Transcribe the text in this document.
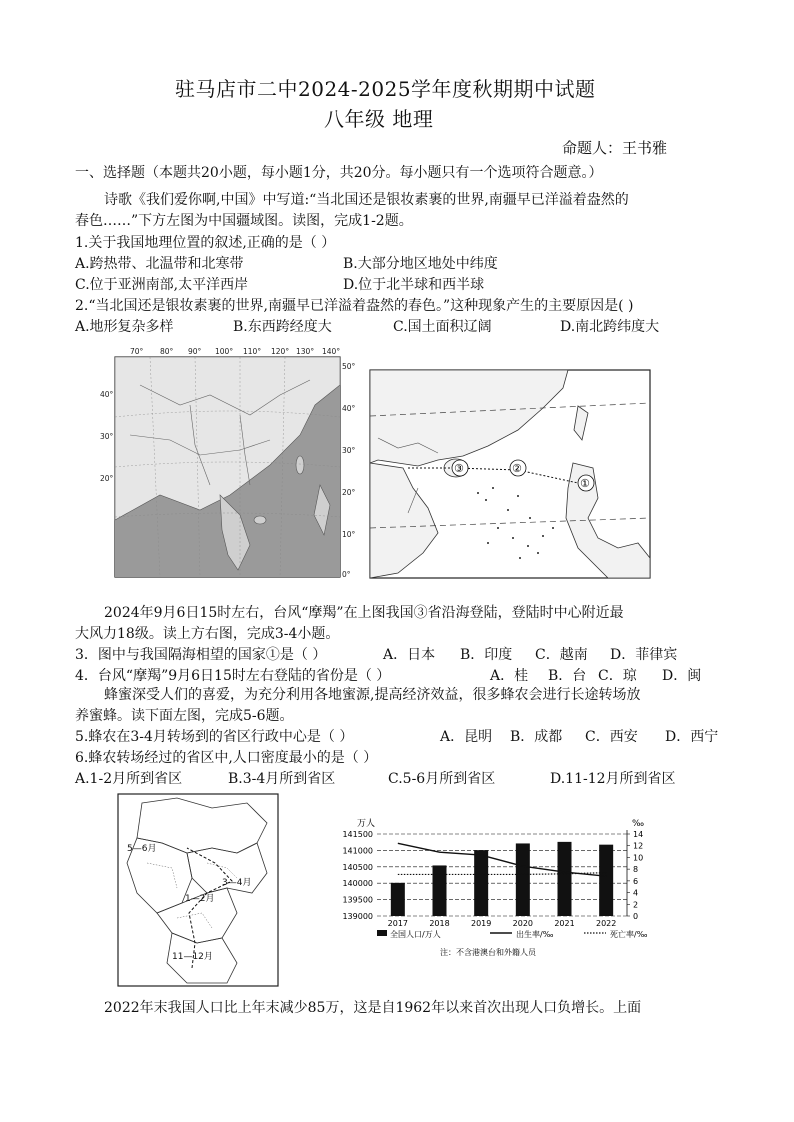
驻马店市二中2024-2025学年度秋期期中试题
八年级 地理
命题人：王书雅
一、选择题（本题共20小题，每小题1分，共20分。每小题只有一个选项符合题意。）
诗歌《我们爱你啊,中国》中写道:“当北国还是银妆素裹的世界,南疆早已洋溢着盎然的
春色……”下方左图为中国疆域图。读图，完成1-2题。
1.关于我国地理位置的叙述,正确的是（ ）
A.跨热带、北温带和北寒带	B.大部分地区地处中纬度
C.位于亚洲南部,太平洋西岸	D.位于北半球和西半球
2.“当北国还是银妆素裹的世界,南疆早已洋溢着盎然的春色。”这种现象产生的主要原因是( )
A.地形复杂多样	B.东西跨经度大	C.国土面积辽阔	D.南北跨纬度大
70° 80° 90° 100° 110° 120° 130° 140°
50°
40°
30°
20°
10°
0°
40°
30°
20°
③	②
①
2024年9月6日15时左右，台风“摩羯”在上图我国③省沿海登陆，登陆时中心附近最
大风力18级。读上方右图，完成3-4小题。
3．图中与我国隔海相望的国家①是（ ）	A．日本 B．印度 C．越南 D．菲律宾
4．台风“摩羯”9月6日15时左右登陆的省份是（ ）	A．桂 B．台 C．琼 D．闽
蜂蜜深受人们的喜爱，为充分利用各地蜜源,提高经济效益，很多蜂农会进行长途转场放
养蜜蜂。读下面左图，完成5-6题。
5.蜂农在3-4月转场到的省区行政中心是（ ）	A．昆明 B．成都 C．西安 D．西宁
6.蜂农转场经过的省区中,人口密度最小的是（ ）
A.1-2月所到省区	B.3-4月所到省区	C.5-6月所到省区	D.11-12月所到省区
5—6月
3—4月
1—2月
11—12月
万人	‰
141500
141000
140500
140000
139500
139000
14
12
10
8
6
4
2
0
2017	2018	2019	2020	2021	2022
全国人口/万人	出生率/‰	死亡率/‰
注：不含港澳台和外籍人员
2022年末我国人口比上年末减少85万，这是自1962年以来首次出现人口负增长。上面
